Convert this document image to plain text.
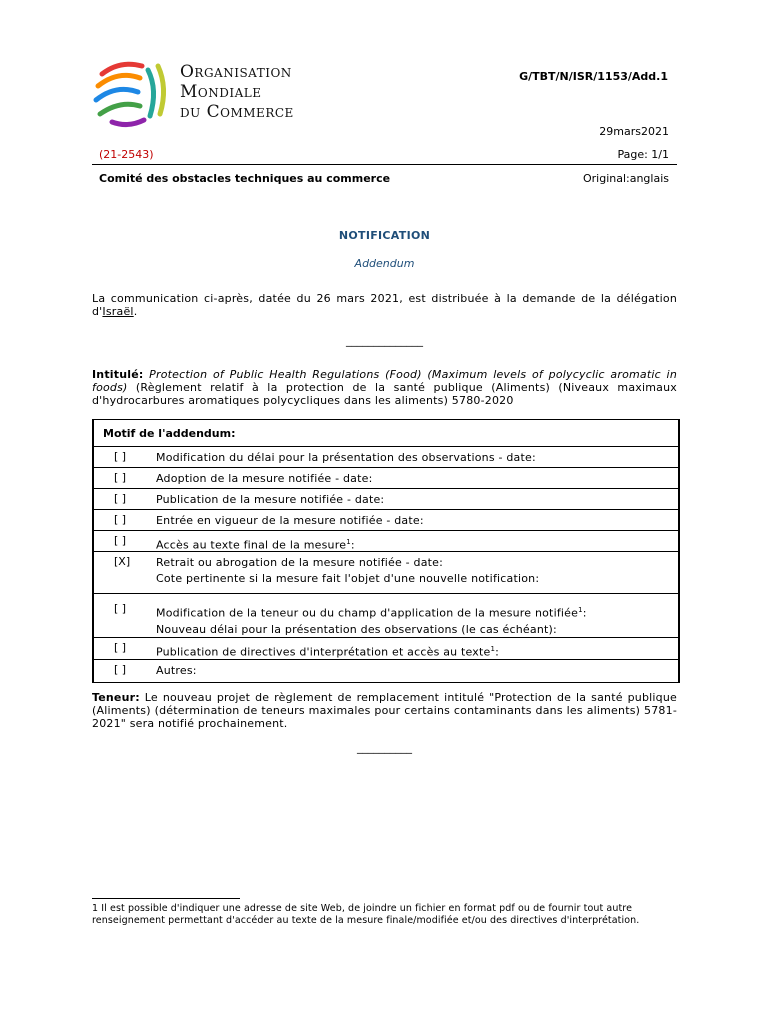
Organisation
Mondiale
du Commerce
G/TBT/N/ISR/1153/Add.1
29mars2021
(21-2543)	Page: 1/1
Comité des obstacles techniques au commerce	Original:anglais
NOTIFICATION
Addendum
La communication ci-après, datée du 26 mars 2021, est distribuée à la demande de la délégation d'Israël.
______________
Intitulé: Protection of Public Health Regulations (Food) (Maximum levels of polycyclic aromatic in foods) (Règlement relatif à la protection de la santé publique (Aliments) (Niveaux maximaux d'hydrocarbures aromatiques polycycliques dans les aliments) 5780-2020
Motif de l'addendum:
[ ]	Modification du délai pour la présentation des observations - date:
[ ]	Adoption de la mesure notifiée - date:
[ ]	Publication de la mesure notifiée - date:
[ ]	Entrée en vigueur de la mesure notifiée - date:
[ ]	Accès au texte final de la mesure$^1$:
[X]	Retrait ou abrogation de la mesure notifiée - date:
Cote pertinente si la mesure fait l'objet d'une nouvelle notification:
[ ]	Modification de la teneur ou du champ d'application de la mesure notifiée$^1$:
Nouveau délai pour la présentation des observations (le cas échéant):
[ ]	Publication de directives d'interprétation et accès au texte$^1$:
[ ]	Autres:
Teneur: Le nouveau projet de règlement de remplacement intitulé "Protection de la santé publique (Aliments) (détermination de teneurs maximales pour certains contaminants dans les aliments) 5781-2021" sera notifié prochainement.
__________
1 Il est possible d'indiquer une adresse de site Web, de joindre un fichier en format pdf ou de fournir tout autre renseignement permettant d'accéder au texte de la mesure finale/modifiée et/ou des directives d'interprétation.
